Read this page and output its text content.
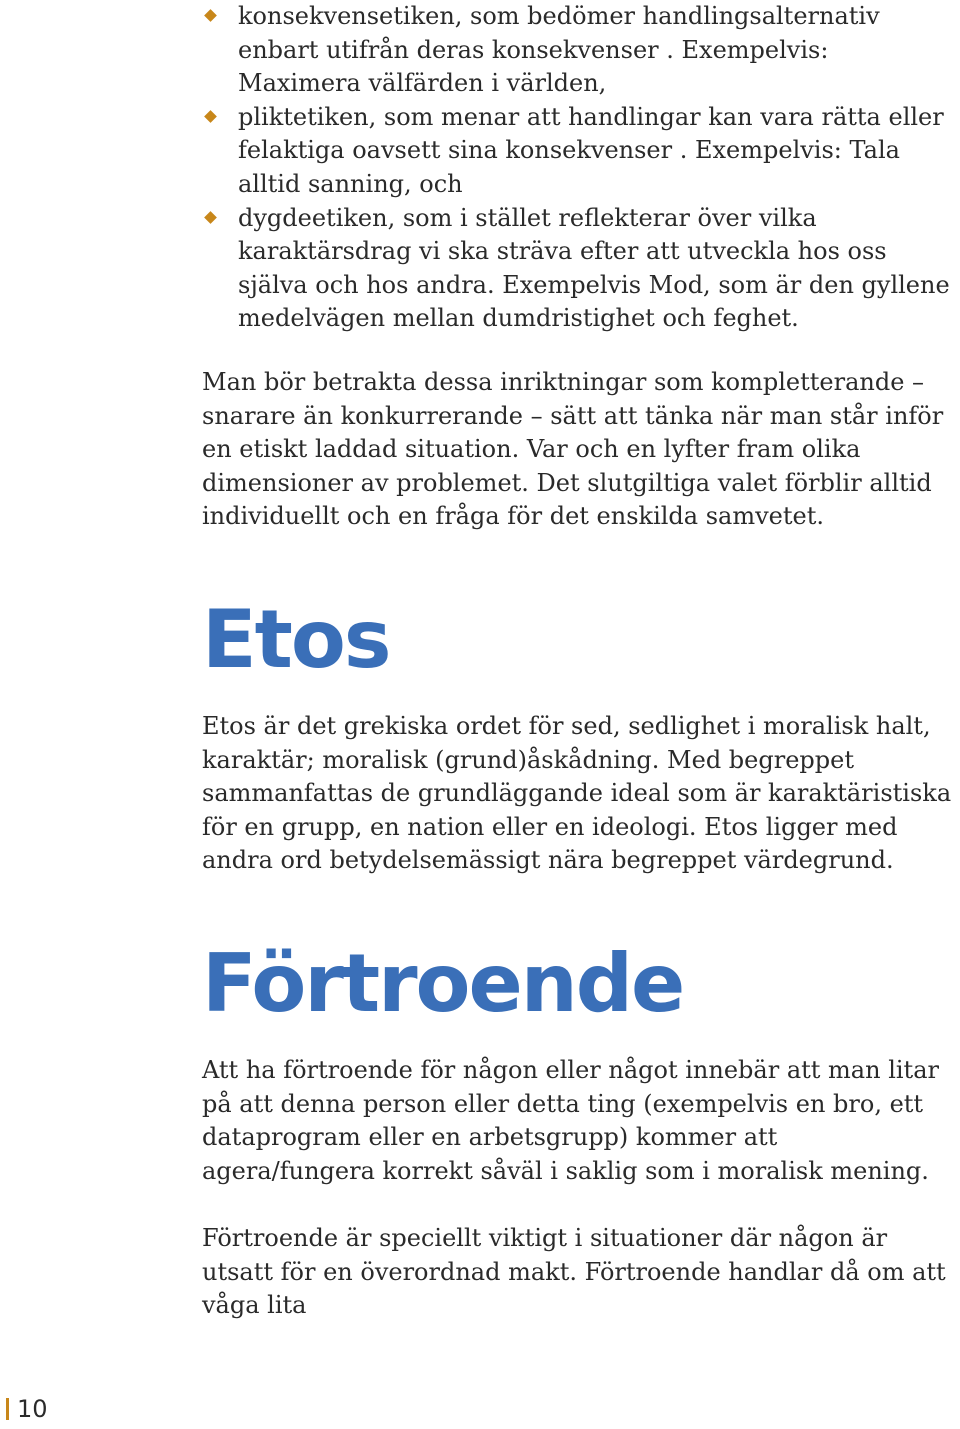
konsekvensetiken, som bedömer handlingsalternativ enbart utifrån deras konsekvenser . Exempelvis: Maximera välfärden i världen,
pliktetiken, som menar att handlingar kan vara rätta eller felaktiga oavsett sina konsekvenser . Exempelvis: Tala alltid sanning, och
dygdeetiken, som i stället reflekterar över vilka karaktärsdrag vi ska sträva efter att utveckla hos oss själva och hos andra. Exempelvis Mod, som är den gyllene medelvägen mellan dumdristighet och feghet.

Man bör betrakta dessa inriktningar som kompletterande – snarare än konkurrerande – sätt att tänka när man står inför en etiskt laddad situation. Var och en lyfter fram olika dimensioner av problemet. Det slutgiltiga valet förblir alltid individuellt och en fråga för det enskilda samvetet.

Etos

Etos är det grekiska ordet för sed, sedlighet i moralisk halt, karaktär; moralisk (grund)åskådning. Med begreppet sammanfattas de grundläggande ideal som är karaktäristiska för en grupp, en nation eller en ideologi. Etos ligger med andra ord betydelsemässigt nära begreppet värdegrund.

Förtroende

Att ha förtroende för någon eller något innebär att man litar på att denna person eller detta ting (exempelvis en bro, ett dataprogram eller en arbetsgrupp) kommer att agera/fungera korrekt såväl i saklig som i moralisk mening.

Förtroende är speciellt viktigt i situationer där någon är utsatt för en överordnad makt. Förtroende handlar då om att våga lita

10
